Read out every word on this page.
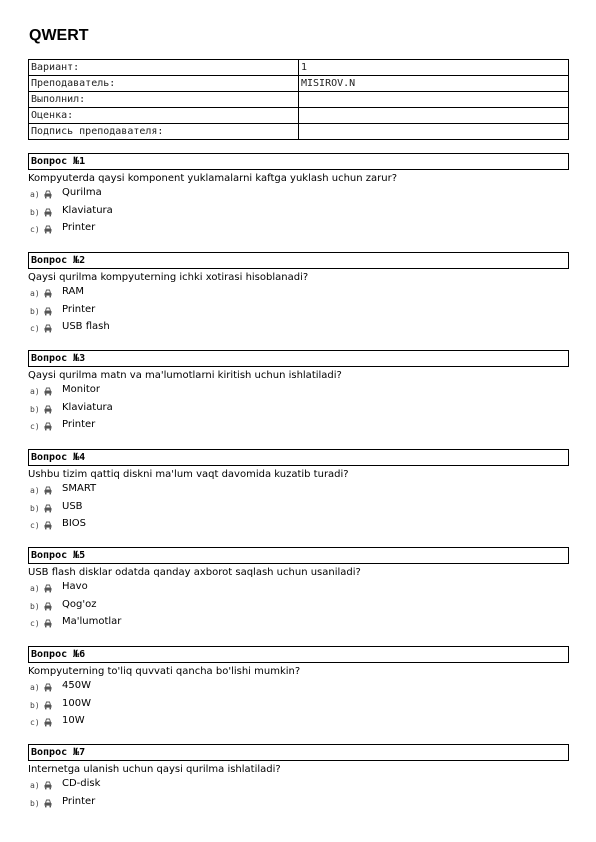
QWERT
Вариант:	1
Преподаватель:	MISIROV.N
Выполнил:	
Оценка:	
Подпись преподавателя:	
Вопрос №1
Kompyuterda qaysi komponent yuklamalarni kaftga yuklash uchun zarur?
a) Qurilma
b) Klaviatura
c) Printer
Вопрос №2
Qaysi qurilma kompyuterning ichki xotirasi hisoblanadi?
a) RAM
b) Printer
c) USB flash
Вопрос №3
Qaysi qurilma matn va ma'lumotlarni kiritish uchun ishlatiladi?
a) Monitor
b) Klaviatura
c) Printer
Вопрос №4
Ushbu tizim qattiq diskni ma'lum vaqt davomida kuzatib turadi?
a) SMART
b) USB
c) BIOS
Вопрос №5
USB flash disklar odatda qanday axborot saqlash uchun usaniladi?
a) Havo
b) Qog'oz
c) Ma'lumotlar
Вопрос №6
Kompyuterning to'liq quvvati qancha bo'lishi mumkin?
a) 450W
b) 100W
c) 10W
Вопрос №7
Internetga ulanish uchun qaysi qurilma ishlatiladi?
a) CD-disk
b) Printer
